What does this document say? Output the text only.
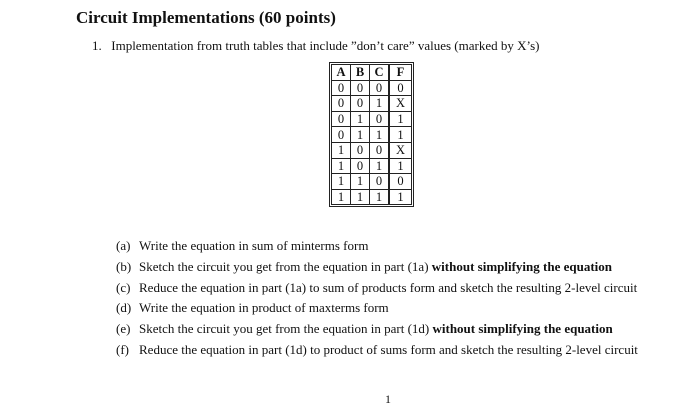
Circuit Implementations (60 points)
1. Implementation from truth tables that include ”don’t care” values (marked by X’s)
A	B	C	F
0	0	0	0
0	0	1	X
0	1	0	1
0	1	1	1
1	0	0	X
1	0	1	1
1	1	0	0
1	1	1	1
(a) Write the equation in sum of minterms form
(b) Sketch the circuit you get from the equation in part (1a) without simplifying the equation
(c) Reduce the equation in part (1a) to sum of products form and sketch the resulting 2-level circuit
(d) Write the equation in product of maxterms form
(e) Sketch the circuit you get from the equation in part (1d) without simplifying the equation
(f) Reduce the equation in part (1d) to product of sums form and sketch the resulting 2-level circuit
1
